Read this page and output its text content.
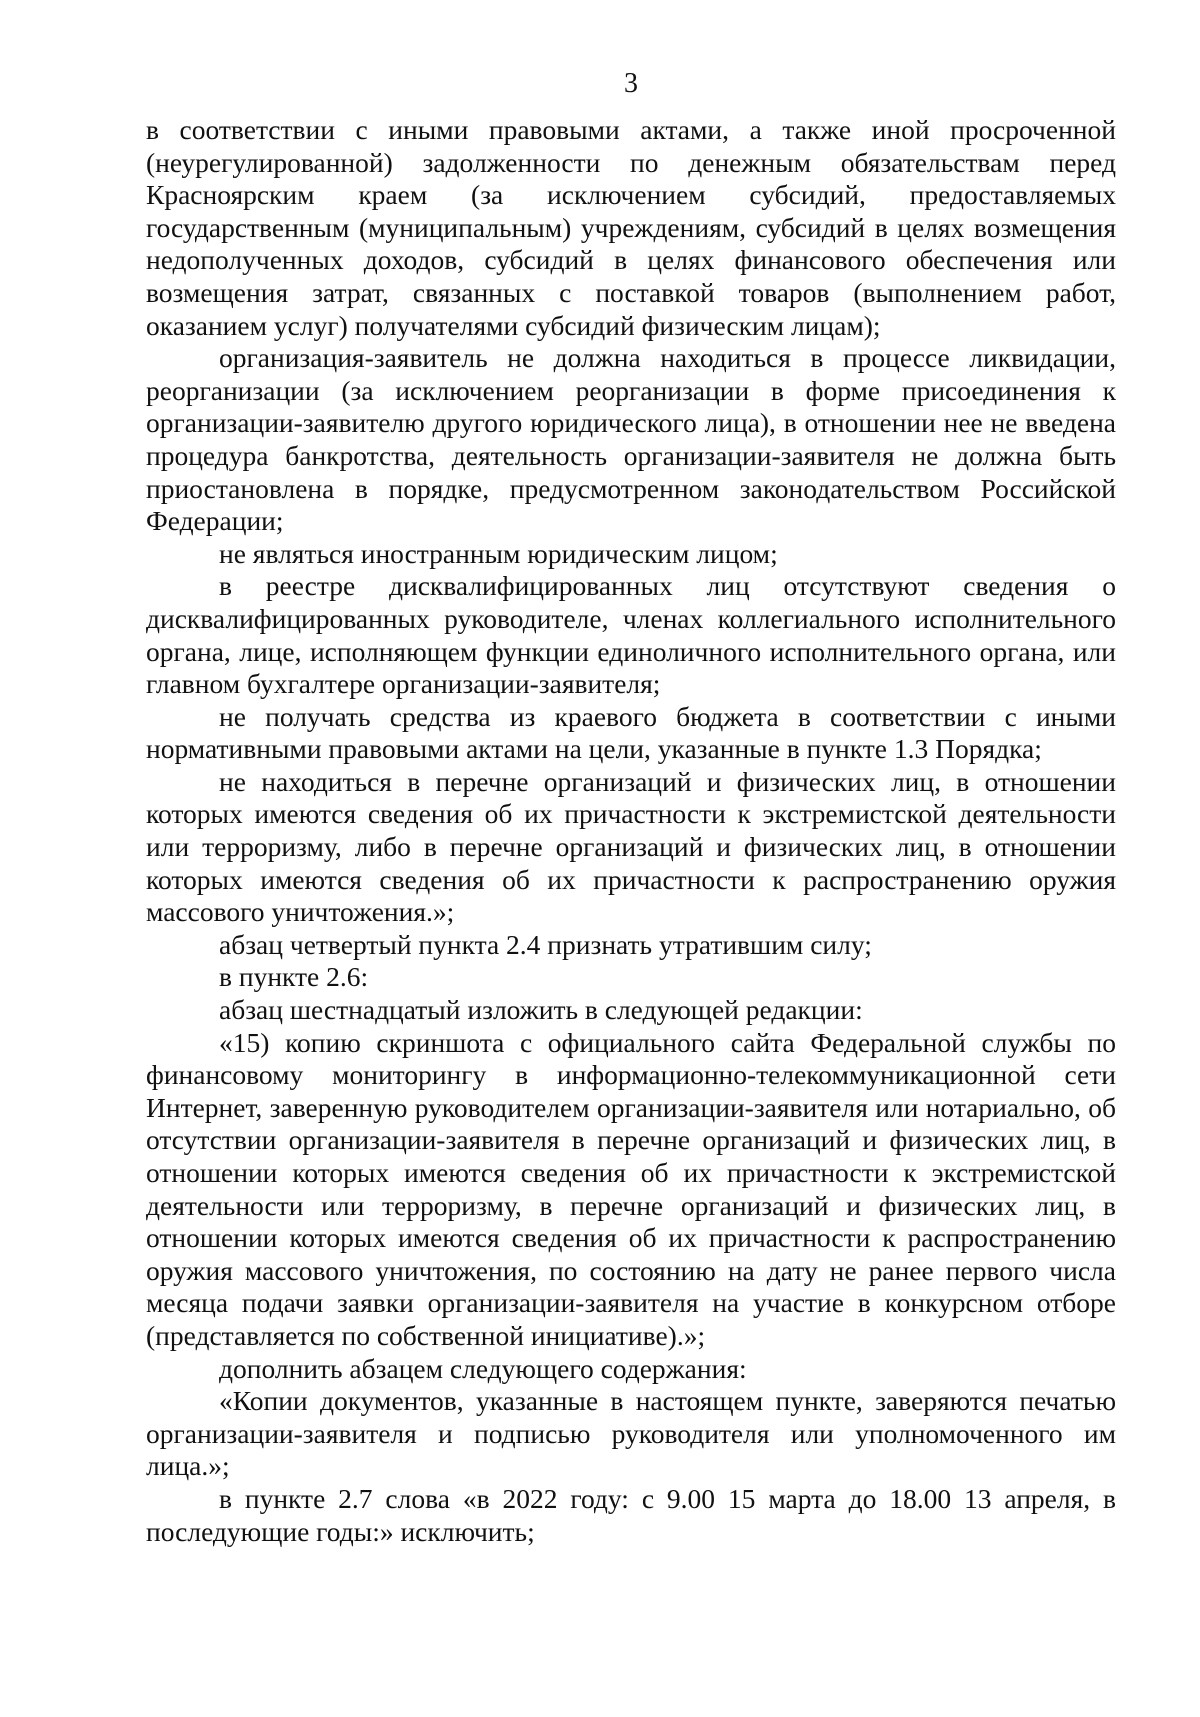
3

в соответствии с иными правовыми актами, а также иной просроченной (неурегулированной) задолженности по денежным обязательствам перед Красноярским краем (за исключением субсидий, предоставляемых государственным (муниципальным) учреждениям, субсидий в целях возмещения недополученных доходов, субсидий в целях финансового обеспечения или возмещения затрат, связанных с поставкой товаров (выполнением работ, оказанием услуг) получателями субсидий физическим лицам);

организация-заявитель не должна находиться в процессе ликвидации, реорганизации (за исключением реорганизации в форме присоединения к организации-заявителю другого юридического лица), в отношении нее не введена процедура банкротства, деятельность организации-заявителя не должна быть приостановлена в порядке, предусмотренном законодательством Российской Федерации;

не являться иностранным юридическим лицом;

в реестре дисквалифицированных лиц отсутствуют сведения о дисквалифицированных руководителе, членах коллегиального исполнительного органа, лице, исполняющем функции единоличного исполнительного органа, или главном бухгалтере организации-заявителя;

не получать средства из краевого бюджета в соответствии с иными нормативными правовыми актами на цели, указанные в пункте 1.3 Порядка;

не находиться в перечне организаций и физических лиц, в отношении которых имеются сведения об их причастности к экстремистской деятельности или терроризму, либо в перечне организаций и физических лиц, в отношении которых имеются сведения об их причастности к распространению оружия массового уничтожения.»;

абзац четвертый пункта 2.4 признать утратившим силу;

в пункте 2.6:

абзац шестнадцатый изложить в следующей редакции:

«15) копию скриншота с официального сайта Федеральной службы по финансовому мониторингу в информационно-телекоммуникационной сети Интернет, заверенную руководителем организации-заявителя или нотариально, об отсутствии организации-заявителя в перечне организаций и физических лиц, в отношении которых имеются сведения об их причастности к экстремистской деятельности или терроризму, в перечне организаций и физических лиц, в отношении которых имеются сведения об их причастности к распространению оружия массового уничтожения, по состоянию на дату не ранее первого числа месяца подачи заявки организации-заявителя на участие в конкурсном отборе (представляется по собственной инициативе).»;

дополнить абзацем следующего содержания:

«Копии документов, указанные в настоящем пункте, заверяются печатью организации-заявителя и подписью руководителя или уполномоченного им лица.»;

в пункте 2.7 слова «в 2022 году: с 9.00 15 марта до 18.00 13 апреля, в последующие годы:» исключить;
